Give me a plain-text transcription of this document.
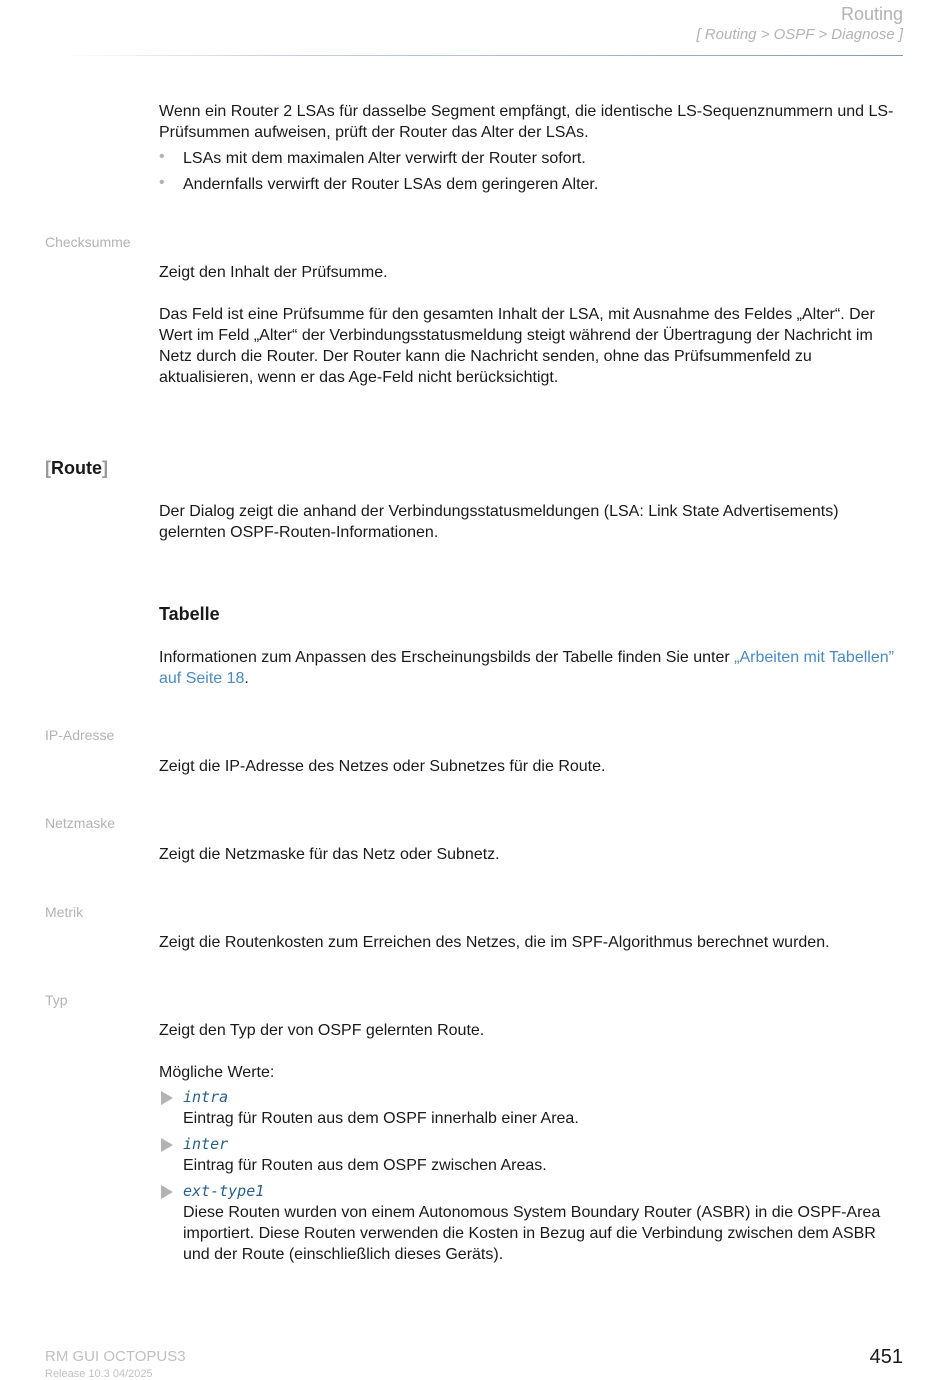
Routing
[ Routing > OSPF > Diagnose ]

Wenn ein Router 2 LSAs für dasselbe Segment empfängt, die identische LS-Sequenznummern und LS-Prüfsummen aufweisen, prüft der Router das Alter der LSAs.

• LSAs mit dem maximalen Alter verwirft der Router sofort.

• Andernfalls verwirft der Router LSAs dem geringeren Alter.

Checksumme

Zeigt den Inhalt der Prüfsumme.

Das Feld ist eine Prüfsumme für den gesamten Inhalt der LSA, mit Ausnahme des Feldes „Alter“. Der Wert im Feld „Alter“ der Verbindungsstatusmeldung steigt während der Übertragung der Nachricht im Netz durch die Router. Der Router kann die Nachricht senden, ohne das Prüfsummenfeld zu aktualisieren, wenn er das Age-Feld nicht berücksichtigt.

[Route]

Der Dialog zeigt die anhand der Verbindungsstatusmeldungen (LSA: Link State Advertisements) gelernten OSPF-Routen-Informationen.

Tabelle

Informationen zum Anpassen des Erscheinungsbilds der Tabelle finden Sie unter „Arbeiten mit Tabellen” auf Seite 18.

IP-Adresse

Zeigt die IP-Adresse des Netzes oder Subnetzes für die Route.

Netzmaske

Zeigt die Netzmaske für das Netz oder Subnetz.

Metrik

Zeigt die Routenkosten zum Erreichen des Netzes, die im SPF-Algorithmus berechnet wurden.

Typ

Zeigt den Typ der von OSPF gelernten Route.

Mögliche Werte:

intra

Eintrag für Routen aus dem OSPF innerhalb einer Area.

inter

Eintrag für Routen aus dem OSPF zwischen Areas.

ext-type1

Diese Routen wurden von einem Autonomous System Boundary Router (ASBR) in die OSPF-Area importiert. Diese Routen verwenden die Kosten in Bezug auf die Verbindung zwischen dem ASBR und der Route (einschließlich dieses Geräts).

RM GUI OCTOPUS3
Release 10.3 04/2025
451
